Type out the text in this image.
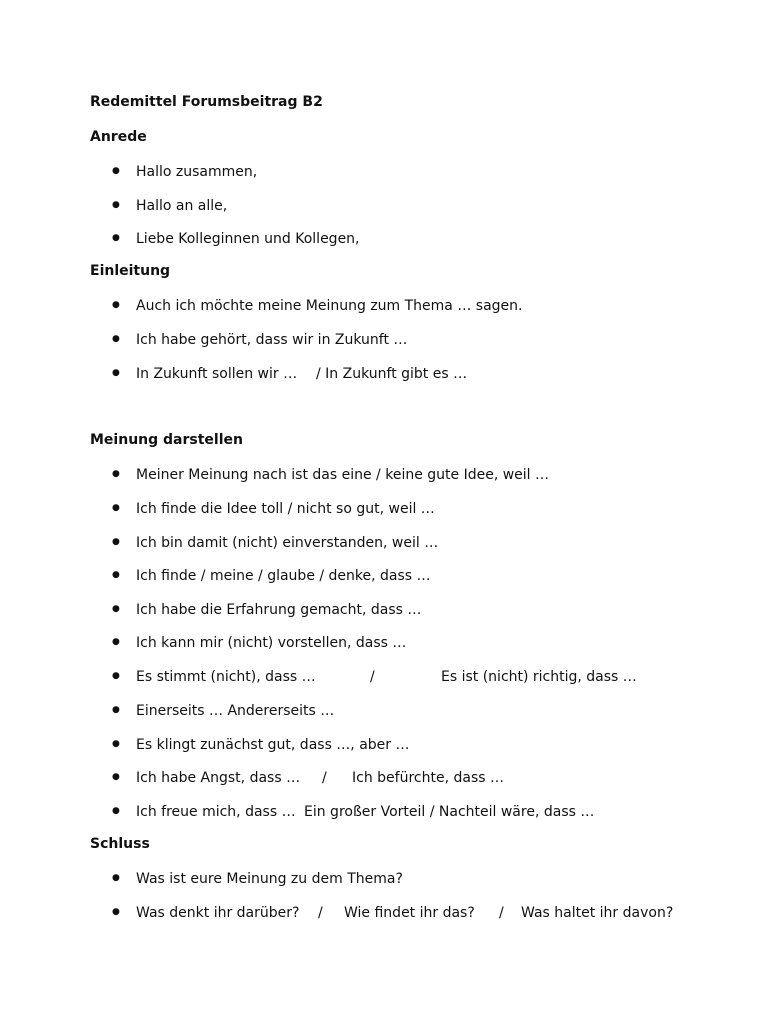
Redemittel Forumsbeitrag B2
Anrede
● Hallo zusammen,
● Hallo an alle,
● Liebe Kolleginnen und Kollegen,
Einleitung
● Auch ich möchte meine Meinung zum Thema … sagen.
● Ich habe gehört, dass wir in Zukunft …
● In Zukunft sollen wir … / In Zukunft gibt es …
Meinung darstellen
● Meiner Meinung nach ist das eine / keine gute Idee, weil …
● Ich finde die Idee toll / nicht so gut, weil …
● Ich bin damit (nicht) einverstanden, weil …
● Ich finde / meine / glaube / denke, dass …
● Ich habe die Erfahrung gemacht, dass …
● Ich kann mir (nicht) vorstellen, dass …
● Es stimmt (nicht), dass …	/	Es ist (nicht) richtig, dass …
● Einerseits … Andererseits …
● Es klingt zunächst gut, dass …, aber …
● Ich habe Angst, dass … / Ich befürchte, dass …
● Ich freue mich, dass … Ein großer Vorteil / Nachteil wäre, dass …
Schluss
● Was ist eure Meinung zu dem Thema?
● Was denkt ihr darüber? / Wie findet ihr das? / Was haltet ihr davon?
